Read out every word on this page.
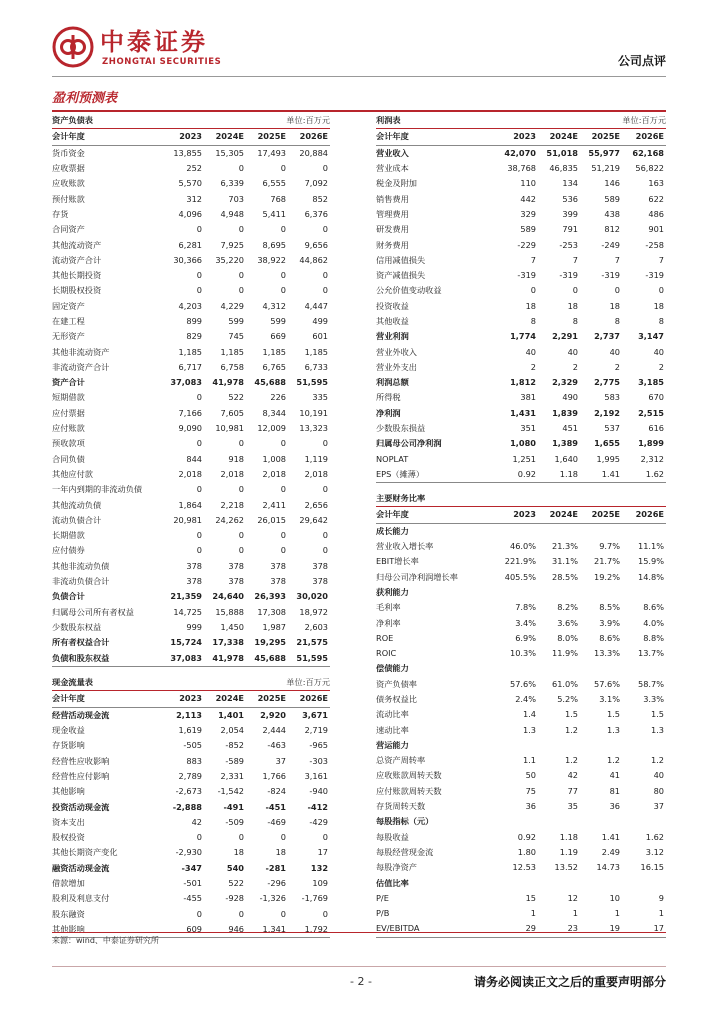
中泰证券
ZHONGTAI SECURITIES	公司点评
盈利预测表
资产负债表			单位:百万元	
会计年度	2023	2024E	2025E	2026E
货币资金	13,855	15,305	17,493	20,884
应收票据	252	0	0	0
应收账款	5,570	6,339	6,555	7,092
预付账款	312	703	768	852
存货	4,096	4,948	5,411	6,376
合同资产	0	0	0	0
其他流动资产	6,281	7,925	8,695	9,656
流动资产合计	30,366	35,220	38,922	44,862
其他长期投资	0	0	0	0
长期股权投资	0	0	0	0
固定资产	4,203	4,229	4,312	4,447
在建工程	899	599	599	499
无形资产	829	745	669	601
其他非流动资产	1,185	1,185	1,185	1,185
非流动资产合计	6,717	6,758	6,765	6,733
资产合计	37,083	41,978	45,688	51,595
短期借款	0	522	226	335
应付票据	7,166	7,605	8,344	10,191
应付账款	9,090	10,981	12,009	13,323
预收款项	0	0	0	0
合同负债	844	918	1,008	1,119
其他应付款	2,018	2,018	2,018	2,018
一年内到期的非流动负债	0	0	0	0
其他流动负债	1,864	2,218	2,411	2,656
流动负债合计	20,981	24,262	26,015	29,642
长期借款	0	0	0	0
应付债券	0	0	0	0
其他非流动负债	378	378	378	378
非流动负债合计	378	378	378	378
负债合计	21,359	24,640	26,393	30,020
归属母公司所有者权益	14,725	15,888	17,308	18,972
少数股东权益	999	1,450	1,987	2,603
所有者权益合计	15,724	17,338	19,295	21,575
负债和股东权益	37,083	41,978	45,688	51,595
利润表			单位:百万元	
会计年度	2023	2024E	2025E	2026E
营业收入	42,070	51,018	55,977	62,168
营业成本	38,768	46,835	51,219	56,822
税金及附加	110	134	146	163
销售费用	442	536	589	622
管理费用	329	399	438	486
研发费用	589	791	812	901
财务费用	-229	-253	-249	-258
信用减值损失	7	7	7	7
资产减值损失	-319	-319	-319	-319
公允价值变动收益	0	0	0	0
投资收益	18	18	18	18
其他收益	8	8	8	8
营业利润	1,774	2,291	2,737	3,147
营业外收入	40	40	40	40
营业外支出	2	2	2	2
利润总额	1,812	2,329	2,775	3,185
所得税	381	490	583	670
净利润	1,431	1,839	2,192	2,515
少数股东损益	351	451	537	616
归属母公司净利润	1,080	1,389	1,655	1,899
NOPLAT	1,251	1,640	1,995	2,312
EPS（摊薄）	0.92	1.18	1.41	1.62
主要财务比率				
会计年度	2023	2024E	2025E	2026E
成长能力				
营业收入增长率	46.0%	21.3%	9.7%	11.1%
EBIT增长率	221.9%	31.1%	21.7%	15.9%
归母公司净利润增长率	405.5%	28.5%	19.2%	14.8%
获利能力				
毛利率	7.8%	8.2%	8.5%	8.6%
净利率	3.4%	3.6%	3.9%	4.0%
ROE	6.9%	8.0%	8.6%	8.8%
ROIC	10.3%	11.9%	13.3%	13.7%
偿债能力				
资产负债率	57.6%	61.0%	57.6%	58.7%
债务权益比	2.4%	5.2%	3.1%	3.3%
流动比率	1.4	1.5	1.5	1.5
速动比率	1.3	1.2	1.3	1.3
营运能力				
总资产周转率	1.1	1.2	1.2	1.2
应收账款周转天数	50	42	41	40
应付账款周转天数	75	77	81	80
存货周转天数	36	35	36	37
每股指标（元）				
每股收益	0.92	1.18	1.41	1.62
每股经营现金流	1.80	1.19	2.49	3.12
每股净资产	12.53	13.52	14.73	16.15
估值比率				
P/E	15	12	10	9
P/B	1	1	1	1
EV/EBITDA	29	23	19	17
现金流量表			单位:百万元	
会计年度	2023	2024E	2025E	2026E
经营活动现金流	2,113	1,401	2,920	3,671
现金收益	1,619	2,054	2,444	2,719
存货影响	-505	-852	-463	-965
经营性应收影响	883	-589	37	-303
经营性应付影响	2,789	2,331	1,766	3,161
其他影响	-2,673	-1,542	-824	-940
投资活动现金流	-2,888	-491	-451	-412
资本支出	42	-509	-469	-429
股权投资	0	0	0	0
其他长期资产变化	-2,930	18	18	17
融资活动现金流	-347	540	-281	132
借款增加	-501	522	-296	109
股利及利息支付	-455	-928	-1,326	-1,769
股东融资	0	0	0	0
其他影响	609	946	1,341	1,792
来源：wind、中泰证券研究所
- 2 -	请务必阅读正文之后的重要声明部分
